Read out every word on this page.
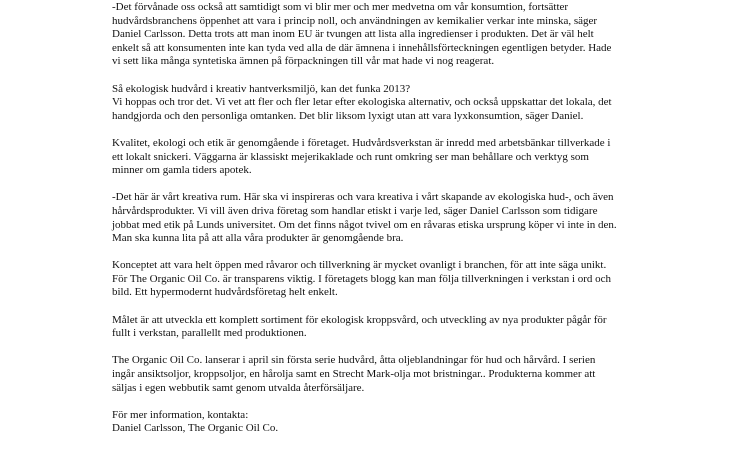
-Det förvånade oss också att samtidigt som vi blir mer och mer medvetna om vår konsumtion, fortsätter
hudvårdsbranchens öppenhet att vara i princip noll, och användningen av kemikalier verkar inte minska, säger
Daniel Carlsson. Detta trots att man inom EU är tvungen att lista alla ingredienser i produkten. Det är väl helt
enkelt så att konsumenten inte kan tyda ved alla de där ämnena i innehållsförteckningen egentligen betyder. Hade
vi sett lika många syntetiska ämnen på förpackningen till vår mat hade vi nog reagerat.

Så ekologisk hudvård i kreativ hantverksmiljö, kan det funka 2013?
Vi hoppas och tror det. Vi vet att fler och fler letar efter ekologiska alternativ, och också uppskattar det lokala, det
handgjorda och den personliga omtanken. Det blir liksom lyxigt utan att vara lyxkonsumtion, säger Daniel.

Kvalitet, ekologi och etik är genomgående i företaget. Hudvårdsverkstan är inredd med arbetsbänkar tillverkade i
ett lokalt snickeri. Väggarna är klassiskt mejerikaklade och runt omkring ser man behållare och verktyg som
minner om gamla tiders apotek.

-Det här är vårt kreativa rum. Här ska vi inspireras och vara kreativa i vårt skapande av ekologiska hud-, och även
hårvårdsprodukter. Vi vill även driva företag som handlar etiskt i varje led, säger Daniel Carlsson som tidigare
jobbat med etik på Lunds universitet. Om det finns något tvivel om en råvaras etiska ursprung köper vi inte in den.
Man ska kunna lita på att alla våra produkter är genomgående bra.

Konceptet att vara helt öppen med råvaror och tillverkning är mycket ovanligt i branchen, för att inte säga unikt.
För The Organic Oil Co. är transparens viktig. I företagets blogg kan man följa tillverkningen i verkstan i ord och
bild. Ett hypermodernt hudvårdsföretag helt enkelt.

Målet är att utveckla ett komplett sortiment för ekologisk kroppsvård, och utveckling av nya produkter pågår för
fullt i verkstan, parallellt med produktionen.

The Organic Oil Co. lanserar i april sin första serie hudvård, åtta oljeblandningar för hud och hårvård. I serien
ingår ansiktsoljor, kroppsoljor, en hårolja samt en Strecht Mark-olja mot bristningar.. Produkterna kommer att
säljas i egen webbutik samt genom utvalda återförsäljare.

För mer information, kontakta:
Daniel Carlsson, The Organic Oil Co.
